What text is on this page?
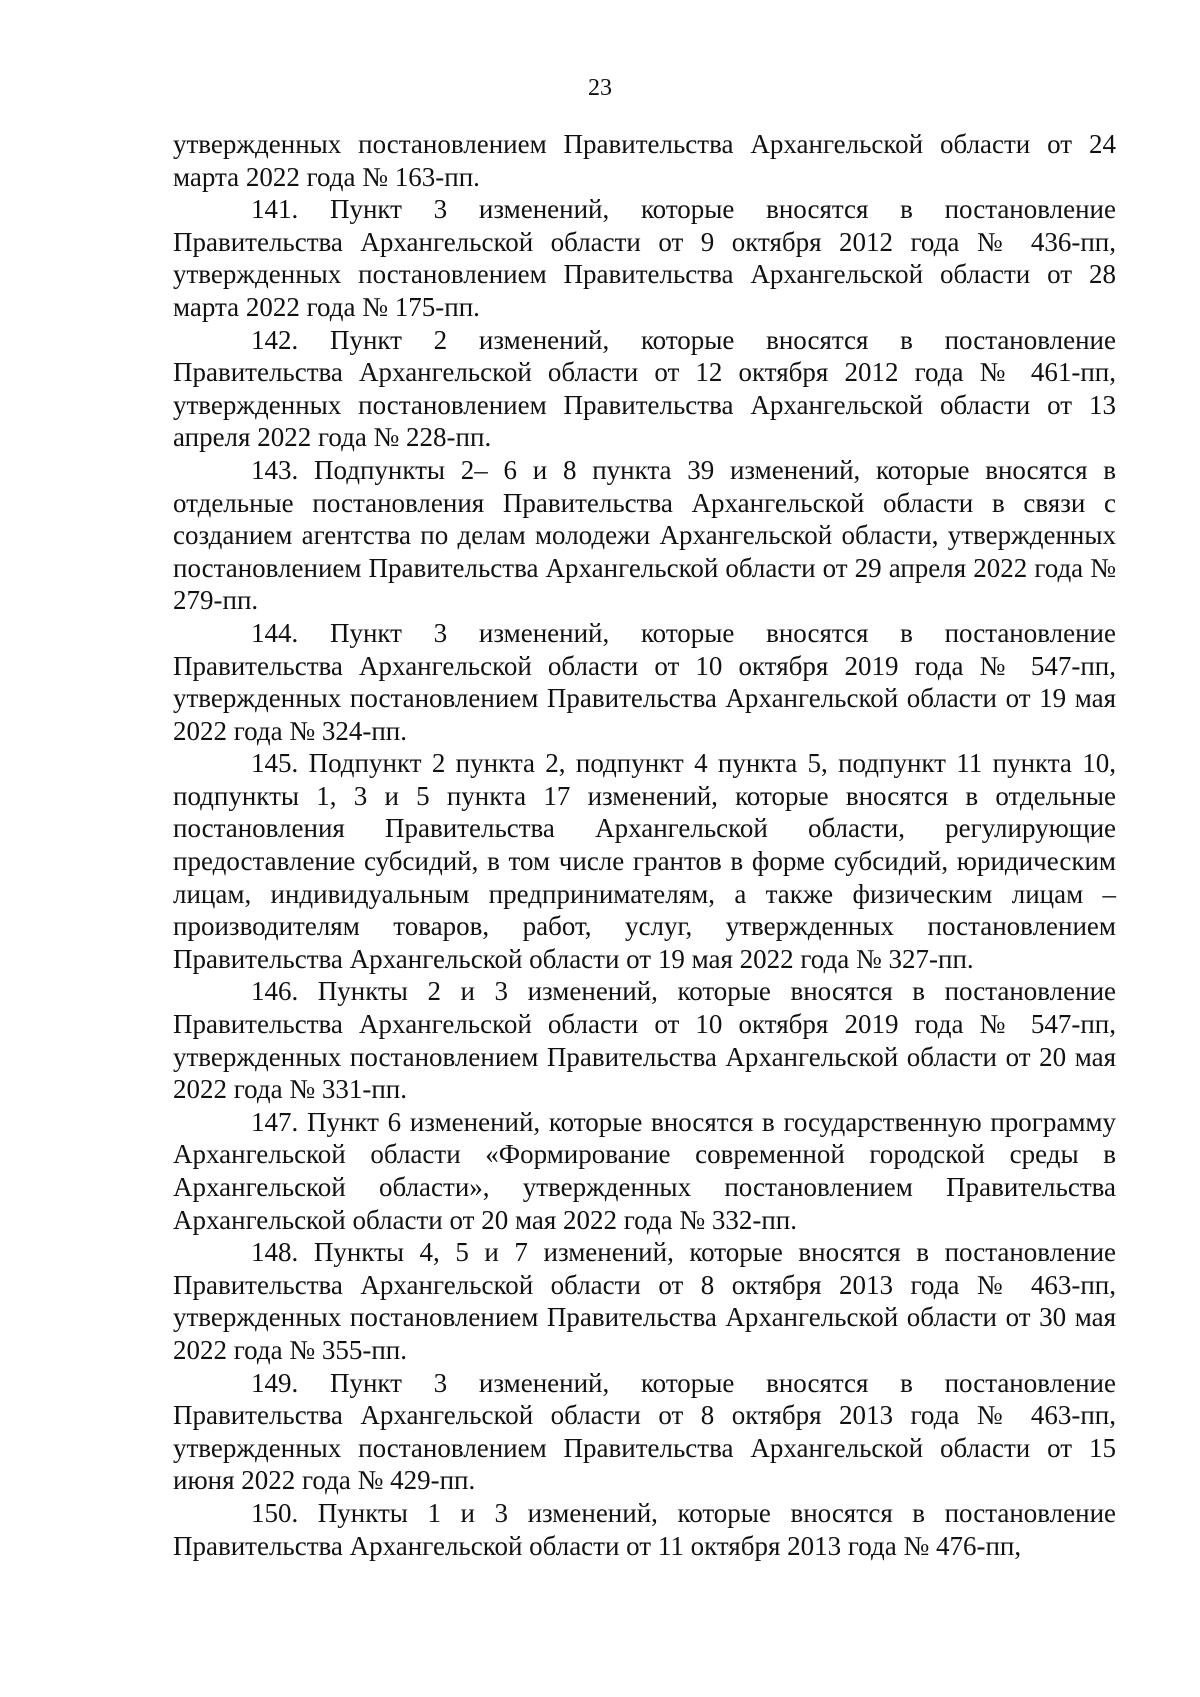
23

утвержденных постановлением Правительства Архангельской области от 24 марта 2022 года № 163-пп.

141. Пункт 3 изменений, которые вносятся в постановление Правительства Архангельской области от 9 октября 2012 года № 436-пп, утвержденных постановлением Правительства Архангельской области от 28 марта 2022 года № 175-пп.

142. Пункт 2 изменений, которые вносятся в постановление Правительства Архангельской области от 12 октября 2012 года № 461-пп, утвержденных постановлением Правительства Архангельской области от 13 апреля 2022 года № 228-пп.

143. Подпункты 2– 6 и 8 пункта 39 изменений, которые вносятся в отдельные постановления Правительства Архангельской области в связи с созданием агентства по делам молодежи Архангельской области, утвержденных постановлением Правительства Архангельской области от 29 апреля 2022 года № 279-пп.

144. Пункт 3 изменений, которые вносятся в постановление Правительства Архангельской области от 10 октября 2019 года № 547-пп, утвержденных постановлением Правительства Архангельской области от 19 мая 2022 года № 324-пп.

145. Подпункт 2 пункта 2, подпункт 4 пункта 5, подпункт 11 пункта 10, подпункты 1, 3 и 5 пункта 17 изменений, которые вносятся в отдельные постановления Правительства Архангельской области, регулирующие предоставление субсидий, в том числе грантов в форме субсидий, юридическим лицам, индивидуальным предпринимателям, а также физическим лицам – производителям товаров, работ, услуг, утвержденных постановлением Правительства Архангельской области от 19 мая 2022 года № 327-пп.

146. Пункты 2 и 3 изменений, которые вносятся в постановление Правительства Архангельской области от 10 октября 2019 года № 547-пп, утвержденных постановлением Правительства Архангельской области от 20 мая 2022 года № 331-пп.

147. Пункт 6 изменений, которые вносятся в государственную программу Архангельской области «Формирование современной городской среды в Архангельской области», утвержденных постановлением Правительства Архангельской области от 20 мая 2022 года № 332-пп.

148. Пункты 4, 5 и 7 изменений, которые вносятся в постановление Правительства Архангельской области от 8 октября 2013 года № 463-пп, утвержденных постановлением Правительства Архангельской области от 30 мая 2022 года № 355-пп.

149. Пункт 3 изменений, которые вносятся в постановление Правительства Архангельской области от 8 октября 2013 года № 463-пп, утвержденных постановлением Правительства Архангельской области от 15 июня 2022 года № 429-пп.

150. Пункты 1 и 3 изменений, которые вносятся в постановление Правительства Архангельской области от 11 октября 2013 года № 476-пп,
